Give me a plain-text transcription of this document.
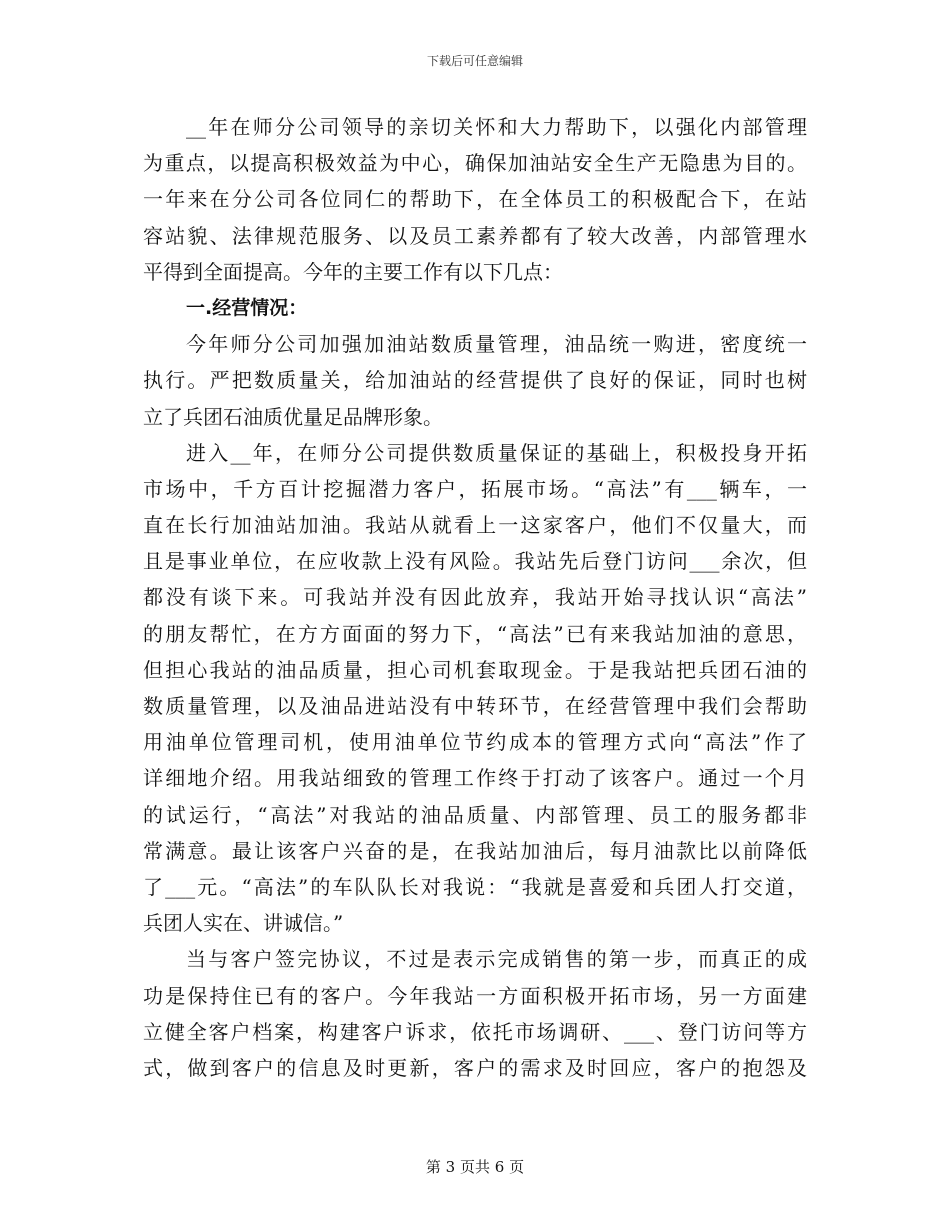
下载后可任意编辑
__年在师分公司领导的亲切关怀和大力帮助下，以强化内部管理
为重点，以提高积极效益为中心，确保加油站安全生产无隐患为目的。
一年来在分公司各位同仁的帮助下，在全体员工的积极配合下，在站
容站貌、法律规范服务、以及员工素养都有了较大改善，内部管理水
平得到全面提高。今年的主要工作有以下几点：
一.经营情况：
今年师分公司加强加油站数质量管理，油品统一购进，密度统一
执行。严把数质量关，给加油站的经营提供了良好的保证，同时也树
立了兵团石油质优量足品牌形象。
进入__年，在师分公司提供数质量保证的基础上，积极投身开拓
市场中，千方百计挖掘潜力客户，拓展市场。“高法”有___辆车，一
直在长行加油站加油。我站从就看上一这家客户，他们不仅量大，而
且是事业单位，在应收款上没有风险。我站先后登门访问___余次，但
都没有谈下来。可我站并没有因此放弃，我站开始寻找认识“高法”
的朋友帮忙，在方方面面的努力下，“高法”已有来我站加油的意思，
但担心我站的油品质量，担心司机套取现金。于是我站把兵团石油的
数质量管理，以及油品进站没有中转环节，在经营管理中我们会帮助
用油单位管理司机，使用油单位节约成本的管理方式向“高法”作了
详细地介绍。用我站细致的管理工作终于打动了该客户。通过一个月
的试运行，“高法”对我站的油品质量、内部管理、员工的服务都非
常满意。最让该客户兴奋的是，在我站加油后，每月油款比以前降低
了___元。“高法”的车队队长对我说：“我就是喜爱和兵团人打交道，
兵团人实在、讲诚信。”
当与客户签完协议，不过是表示完成销售的第一步，而真正的成
功是保持住已有的客户。今年我站一方面积极开拓市场，另一方面建
立健全客户档案，构建客户诉求，依托市场调研、___、登门访问等方
式，做到客户的信息及时更新，客户的需求及时回应，客户的抱怨及
第 3 页共 6 页
